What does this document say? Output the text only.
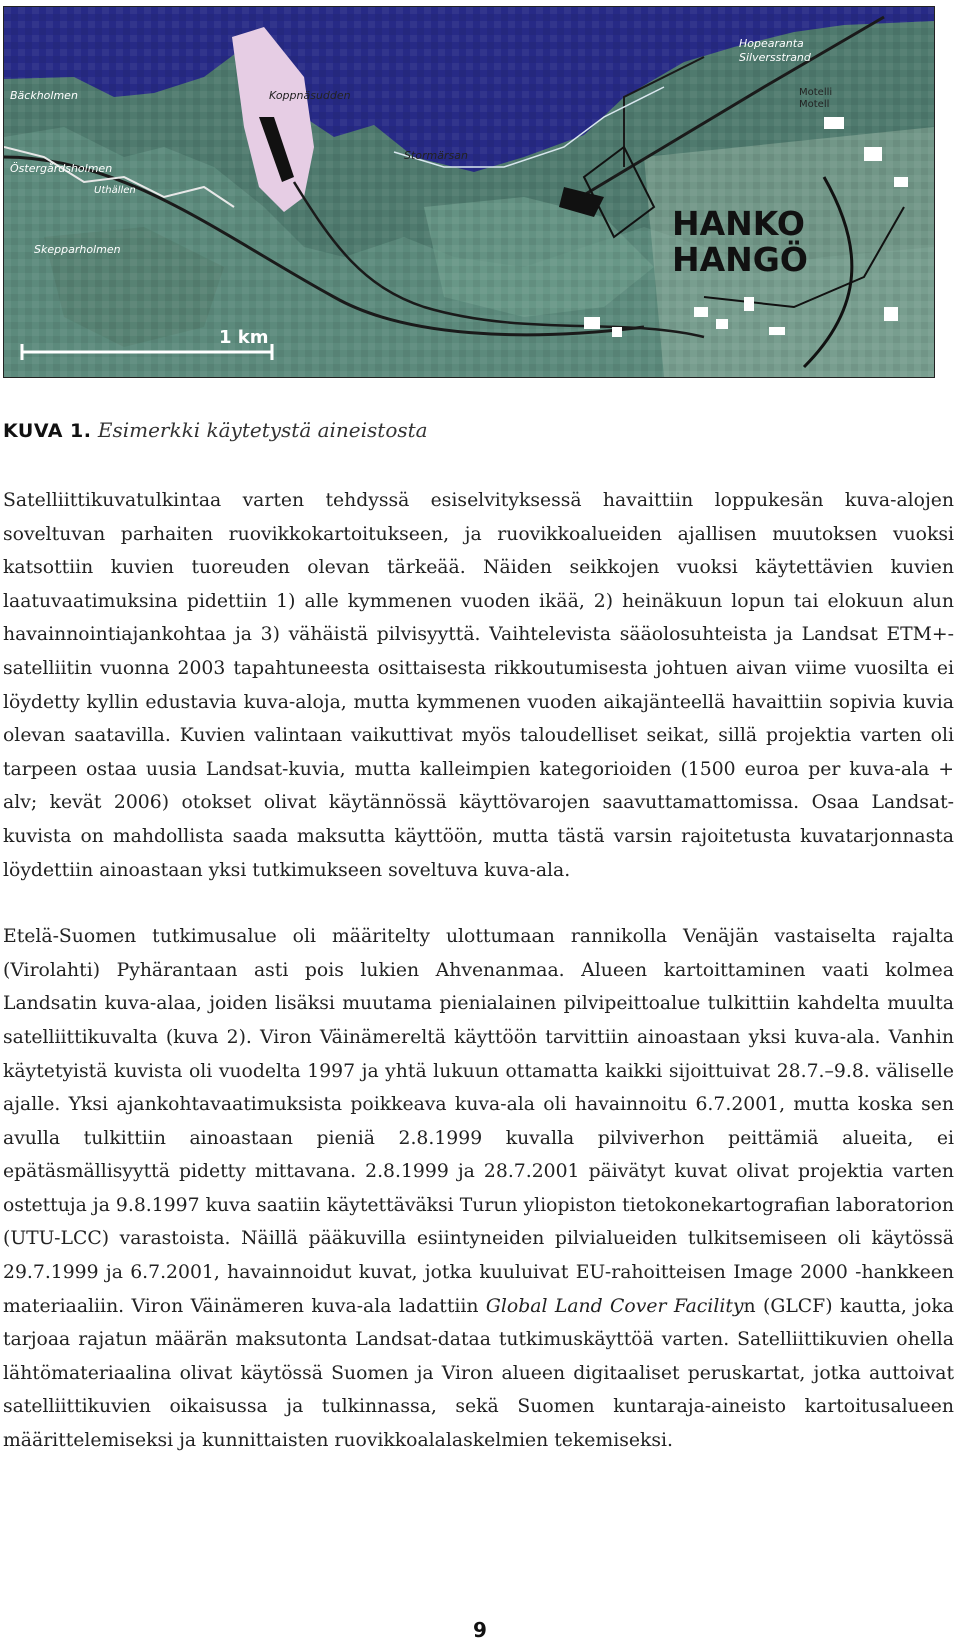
HANKO
HANGÖ
1 km
Hopearanta
Silversstrand
Koppnäsudden
Stormärsan
Motelli
Motell
Bäckholmen
Östergårdsholmen
Uthällen
Skepparholmen
KUVA 1. Esimerkki käytetystä aineistosta

Satelliittikuvatulkintaa varten tehdyssä esiselvityksessä havaittiin loppukesän kuva-alojen soveltuvan parhaiten ruovikkokartoitukseen, ja ruovikkoalueiden ajallisen muutoksen vuoksi katsottiin kuvien tuoreuden olevan tärkeää. Näiden seikkojen vuoksi käytettävien kuvien laatuvaatimuksina pidettiin 1) alle kymmenen vuoden ikää, 2) heinäkuun lopun tai elokuun alun havainnointiajankohtaa ja 3) vähäistä pilvisyyttä. Vaihtelevista sääolosuhteista ja Landsat ETM+-satelliitin vuonna 2003 tapahtuneesta osittaisesta rikkoutumisesta johtuen aivan viime vuosilta ei löydetty kyllin edustavia kuva-aloja, mutta kymmenen vuoden aikajänteellä havaittiin sopivia kuvia olevan saatavilla. Kuvien valintaan vaikuttivat myös taloudelliset seikat, sillä projektia varten oli tarpeen ostaa uusia Landsat-kuvia, mutta kalleimpien kategorioiden (1500 euroa per kuva-ala + alv; kevät 2006) otokset olivat käytännössä käyttövarojen saavuttamattomissa. Osaa Landsat-kuvista on mahdollista saada maksutta käyttöön, mutta tästä varsin rajoitetusta kuvatarjonnasta löydettiin ainoastaan yksi tutkimukseen soveltuva kuva-ala.

Etelä-Suomen tutkimusalue oli määritelty ulottumaan rannikolla Venäjän vastaiselta rajalta (Virolahti) Pyhärantaan asti pois lukien Ahvenanmaa. Alueen kartoittaminen vaati kolmea Landsatin kuva-alaa, joiden lisäksi muutama pienialainen pilvipeittoalue tulkittiin kahdelta muulta satelliittikuvalta (kuva 2). Viron Väinämereltä käyttöön tarvittiin ainoastaan yksi kuva-ala. Vanhin käytetyistä kuvista oli vuodelta 1997 ja yhtä lukuun ottamatta kaikki sijoittuivat 28.7.–9.8. väliselle ajalle. Yksi ajankohtavaatimuksista poikkeava kuva-ala oli havainnoitu 6.7.2001, mutta koska sen avulla tulkittiin ainoastaan pieniä 2.8.1999 kuvalla pilviverhon peittämiä alueita, ei epätäsmällisyyttä pidetty mittavana. 2.8.1999 ja 28.7.2001 päivätyt kuvat olivat projektia varten ostettuja ja 9.8.1997 kuva saatiin käytettäväksi Turun yliopiston tietokonekartografian laboratorion (UTU-LCC) varastoista. Näillä pääkuvilla esiintyneiden pilvialueiden tulkitsemiseen oli käytössä 29.7.1999 ja 6.7.2001, havainnoidut kuvat, jotka kuuluivat EU-rahoitteisen Image 2000 -hankkeen materiaaliin. Viron Väinämeren kuva-ala ladattiin Global Land Cover Facilityn (GLCF) kautta, joka tarjoaa rajatun määrän maksutonta Landsat-dataa tutkimuskäyttöä varten. Satelliittikuvien ohella lähtömateriaalina olivat käytössä Suomen ja Viron alueen digitaaliset peruskartat, jotka auttoivat satelliittikuvien oikaisussa ja tulkinnassa, sekä Suomen kuntaraja-aineisto kartoitusalueen määrittelemiseksi ja kunnittaisten ruovikkoalalaskelmien tekemiseksi.

9
